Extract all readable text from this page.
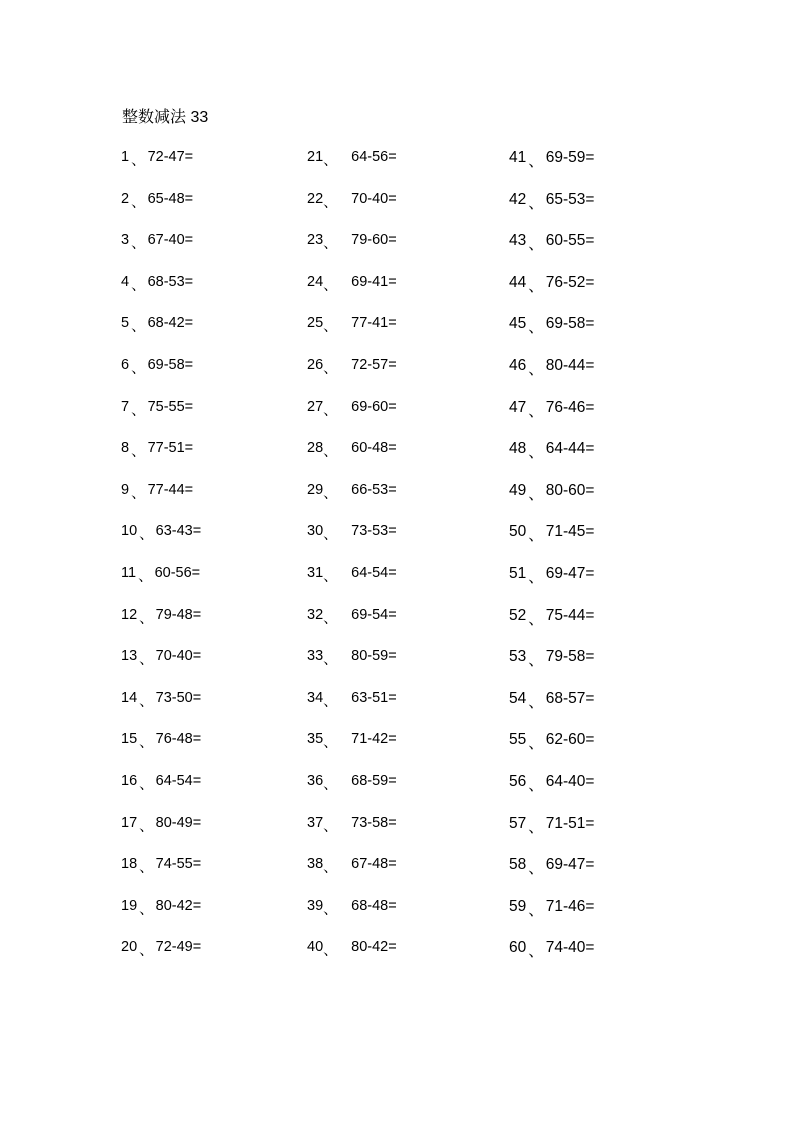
整数减法 33
1 、 72-47=
2 、 65-48=
3 、 67-40=
4 、 68-53=
5 、 68-42=
6 、 69-58=
7 、 75-55=
8 、 77-51=
9 、 77-44=
10 、 63-43=
11 、 60-56=
12 、 79-48=
13 、 70-40=
14 、 73-50=
15 、 76-48=
16 、 64-54=
17 、 80-49=
18 、 74-55=
19 、 80-42=
20 、 72-49=
21 、 64-56=
22 、 70-40=
23 、 79-60=
24 、 69-41=
25 、 77-41=
26 、 72-57=
27 、 69-60=
28 、 60-48=
29 、 66-53=
30 、 73-53=
31 、 64-54=
32 、 69-54=
33 、 80-59=
34 、 63-51=
35 、 71-42=
36 、 68-59=
37 、 73-58=
38 、 67-48=
39 、 68-48=
40 、 80-42=
41 、 69-59=
42 、 65-53=
43 、 60-55=
44 、 76-52=
45 、 69-58=
46 、 80-44=
47 、 76-46=
48 、 64-44=
49 、 80-60=
50 、 71-45=
51 、 69-47=
52 、 75-44=
53 、 79-58=
54 、 68-57=
55 、 62-60=
56 、 64-40=
57 、 71-51=
58 、 69-47=
59 、 71-46=
60 、 74-40=
